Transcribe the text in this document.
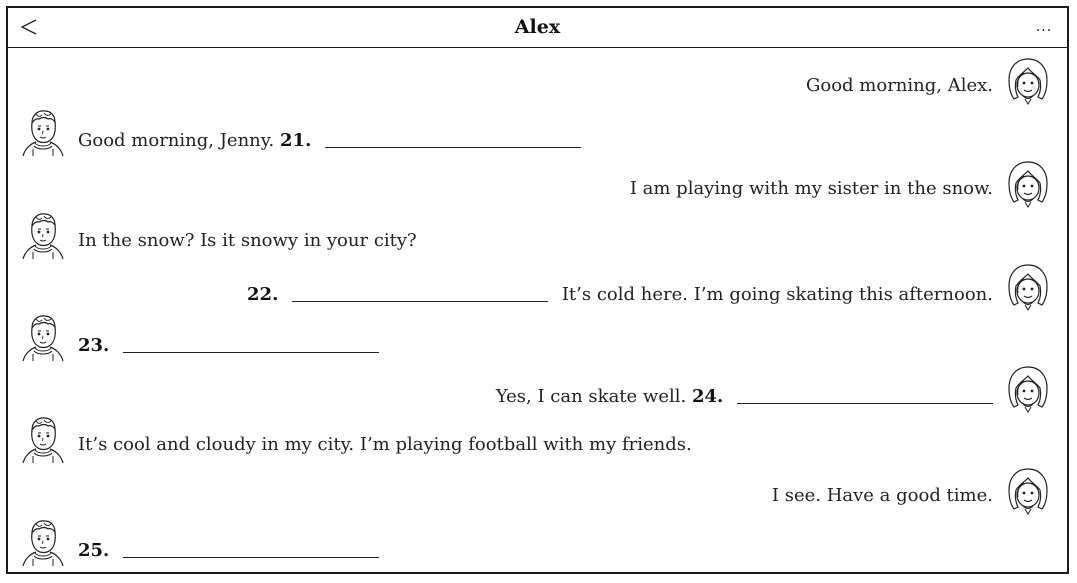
Alex	...
Good morning, Alex.
Good morning, Jenny. 21.
I am playing with my sister in the snow.
In the snow? Is it snowy in your city?
22.	It’s cold here. I’m going skating this afternoon.
23.
Yes, I can skate well. 24.
It’s cool and cloudy in my city. I’m playing football with my friends.
I see. Have a good time.
25.
